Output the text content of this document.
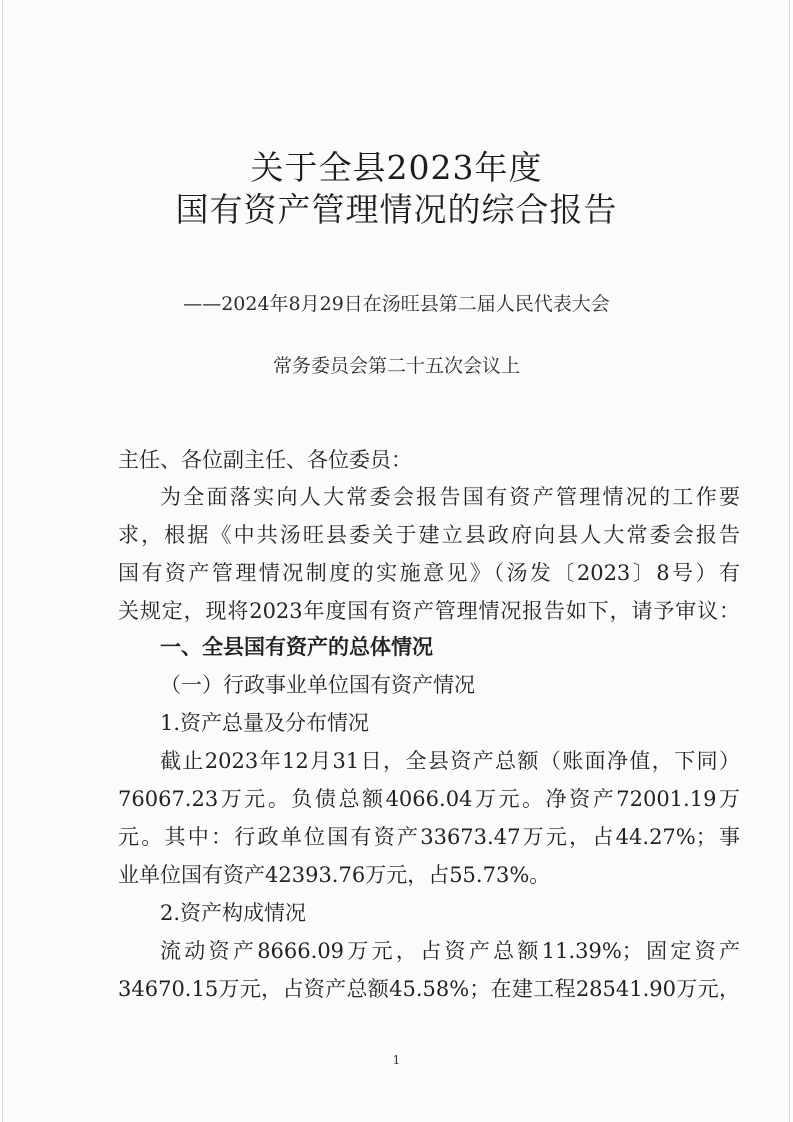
关于全县2023年度
国有资产管理情况的综合报告
——2024年8月29日在汤旺县第二届人民代表大会
常务委员会第二十五次会议上
主任、各位副主任、各位委员：
为全面落实向人大常委会报告国有资产管理情况的工作要
求，根据《中共汤旺县委关于建立县政府向县人大常委会报告
国有资产管理情况制度的实施意见》（汤发〔2023〕8号）有
关规定，现将2023年度国有资产管理情况报告如下，请予审议：
一、全县国有资产的总体情况
（一）行政事业单位国有资产情况
1.资产总量及分布情况
截止2023年12月31日，全县资产总额（账面净值，下同）
76067.23万元。负债总额4066.04万元。净资产72001.19万
元。其中：行政单位国有资产33673.47万元，占44.27%；事
业单位国有资产42393.76万元，占55.73%。
2.资产构成情况
流动资产8666.09万元，占资产总额11.39%；固定资产
34670.15万元，占资产总额45.58%；在建工程28541.90万元，
1
